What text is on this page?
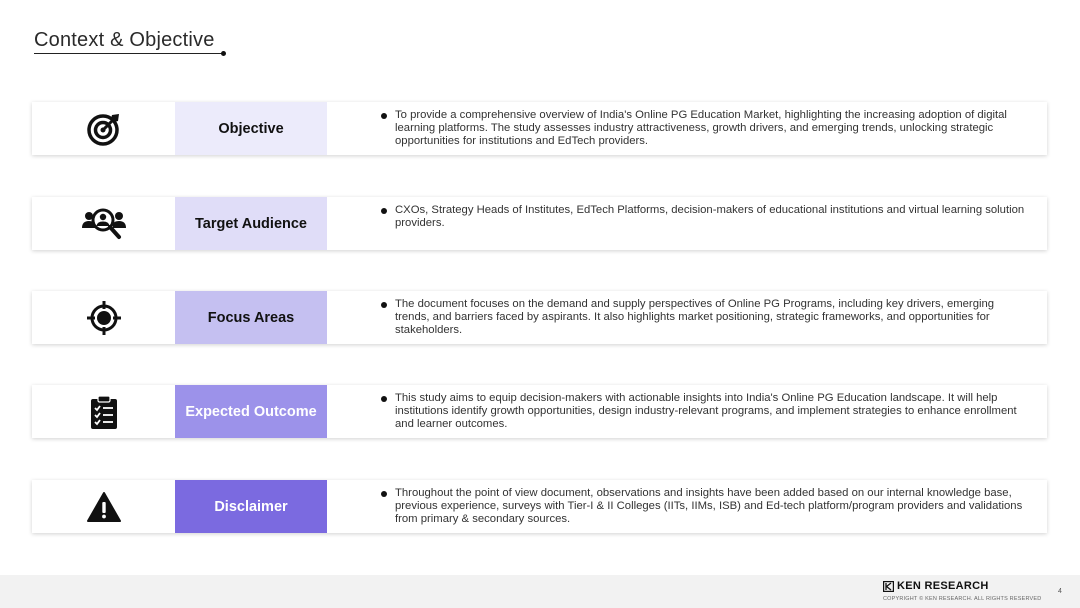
Context & Objective
Objective
To provide a comprehensive overview of India's Online PG Education Market, highlighting the increasing adoption of digital learning platforms. The study assesses industry attractiveness, growth drivers, and emerging trends, unlocking strategic opportunities for institutions and EdTech providers.
Target Audience
CXOs, Strategy Heads of Institutes, EdTech Platforms, decision-makers of educational institutions and virtual learning solution providers.
Focus Areas
The document focuses on the demand and supply perspectives of Online PG Programs, including key drivers, emerging trends, and barriers faced by aspirants. It also highlights market positioning, strategic frameworks, and opportunities for stakeholders.
Expected Outcome
This study aims to equip decision-makers with actionable insights into India's Online PG Education landscape. It will help institutions identify growth opportunities, design industry-relevant programs, and implement strategies to enhance enrollment and learner outcomes.
Disclaimer
Throughout the point of view document, observations and insights have been added based on our internal knowledge base, previous experience, surveys with Tier-I & II Colleges (IITs, IIMs, ISB) and Ed-tech platform/program providers and validations from primary & secondary sources.
KEN RESEARCH
COPYRIGHT © KEN RESEARCH. ALL RIGHTS RESERVED
4
